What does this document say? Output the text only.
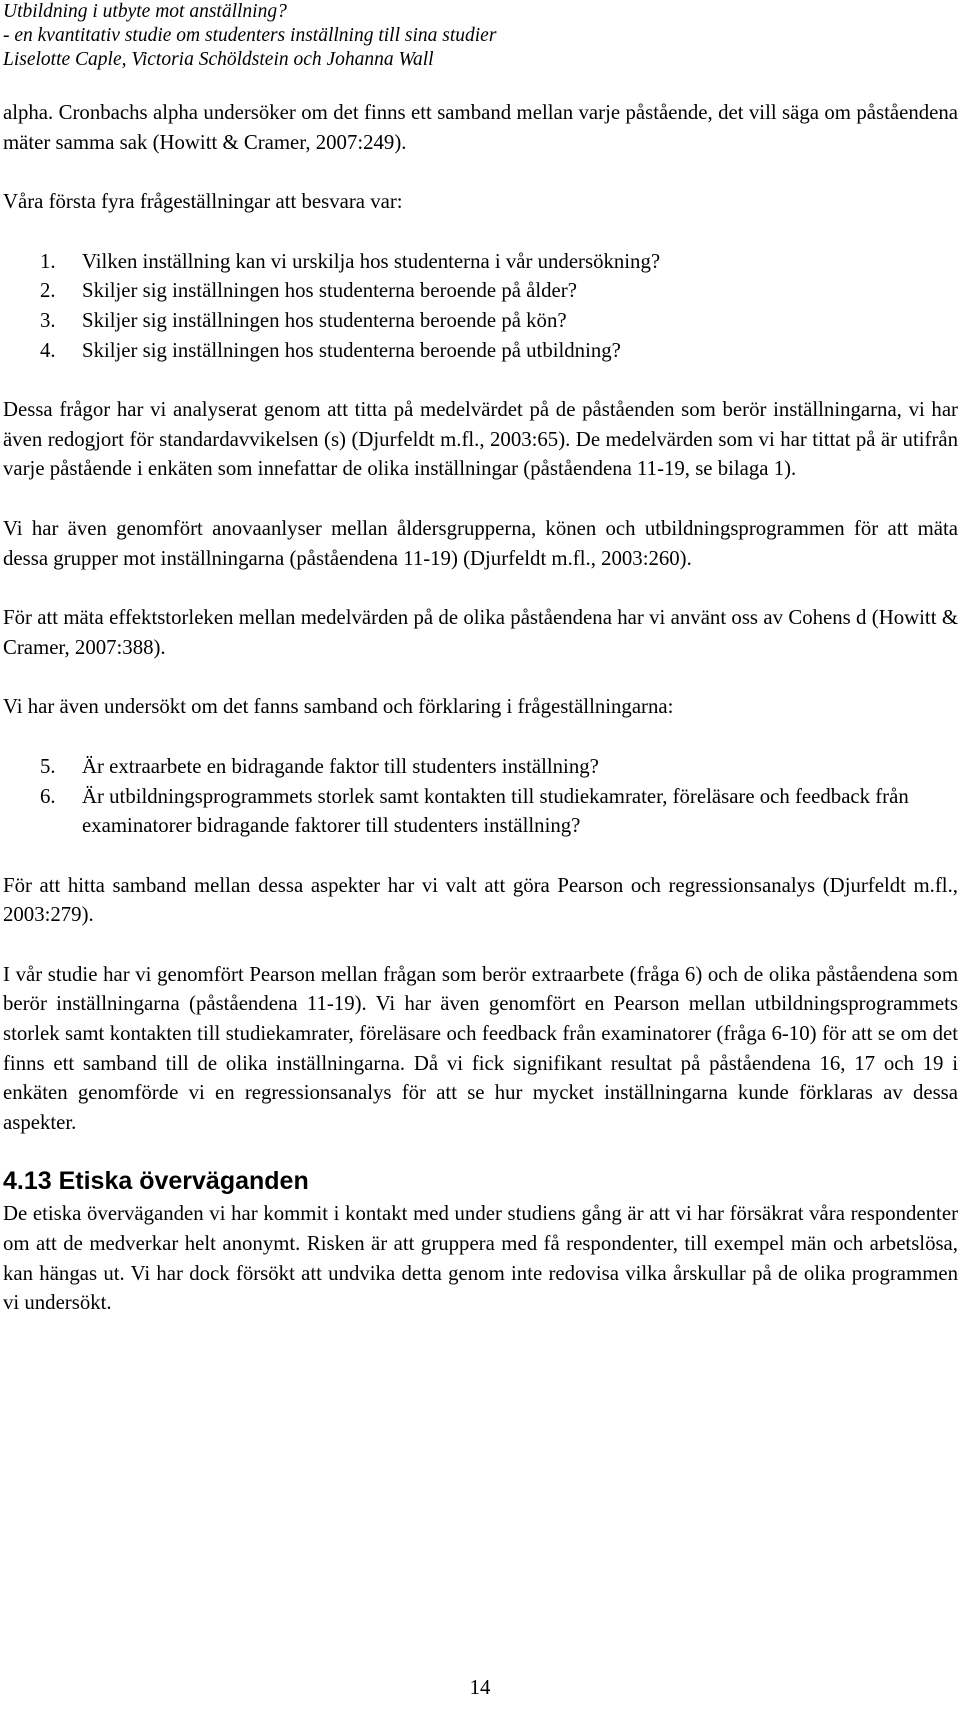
Utbildning i utbyte mot anställning?
- en kvantitativ studie om studenters inställning till sina studier
Liselotte Caple, Victoria Schöldstein och Johanna Wall

alpha. Cronbachs alpha undersöker om det finns ett samband mellan varje påstående, det vill säga om påståendena mäter samma sak (Howitt & Cramer, 2007:249).

Våra första fyra frågeställningar att besvara var:

1.	Vilken inställning kan vi urskilja hos studenterna i vår undersökning?
2.	Skiljer sig inställningen hos studenterna beroende på ålder?
3.	Skiljer sig inställningen hos studenterna beroende på kön?
4.	Skiljer sig inställningen hos studenterna beroende på utbildning?

Dessa frågor har vi analyserat genom att titta på medelvärdet på de påståenden som berör inställningarna, vi har även redogjort för standardavvikelsen (s) (Djurfeldt m.fl., 2003:65). De medelvärden som vi har tittat på är utifrån varje påstående i enkäten som innefattar de olika inställningar (påståendena 11-19, se bilaga 1).

Vi har även genomfört anovaanlyser mellan åldersgrupperna, könen och utbildningsprogrammen för att mäta dessa grupper mot inställningarna (påståendena 11-19) (Djurfeldt m.fl., 2003:260).

För att mäta effektstorleken mellan medelvärden på de olika påståendena har vi använt oss av Cohens d (Howitt & Cramer, 2007:388).

Vi har även undersökt om det fanns samband och förklaring i frågeställningarna:

5.	Är extraarbete en bidragande faktor till studenters inställning?
6.	Är utbildningsprogrammets storlek samt kontakten till studiekamrater, föreläsare och feedback från examinatorer bidragande faktorer till studenters inställning?

För att hitta samband mellan dessa aspekter har vi valt att göra Pearson och regressionsanalys (Djurfeldt m.fl., 2003:279).

I vår studie har vi genomfört Pearson mellan frågan som berör extraarbete (fråga 6) och de olika påståendena som berör inställningarna (påståendena 11-19). Vi har även genomfört en Pearson mellan utbildningsprogrammets storlek samt kontakten till studiekamrater, föreläsare och feedback från examinatorer (fråga 6-10) för att se om det finns ett samband till de olika inställningarna. Då vi fick signifikant resultat på påståendena 16, 17 och 19 i enkäten genomförde vi en regressionsanalys för att se hur mycket inställningarna kunde förklaras av dessa aspekter.

4.13 Etiska överväganden

De etiska överväganden vi har kommit i kontakt med under studiens gång är att vi har försäkrat våra respondenter om att de medverkar helt anonymt. Risken är att gruppera med få respondenter, till exempel män och arbetslösa, kan hängas ut. Vi har dock försökt att undvika detta genom inte redovisa vilka årskullar på de olika programmen vi undersökt.

14
